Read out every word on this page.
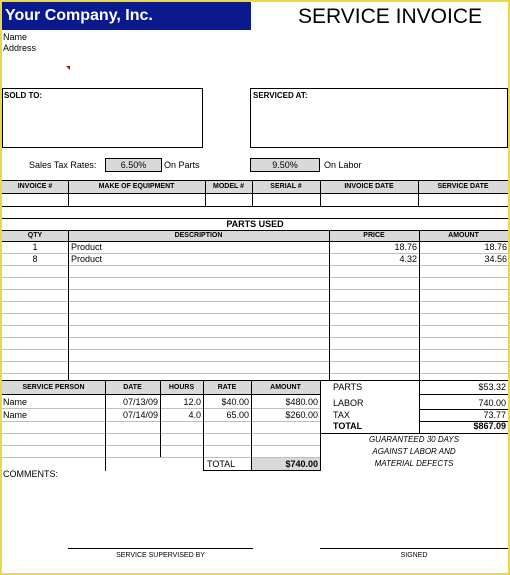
Your Company, Inc.	SERVICE INVOICE
Name
Address
SOLD TO:	SERVICED AT:
Sales Tax Rates:	6.50%	On Parts	9.50%	On Labor
INVOICE #	MAKE OF EQUIPMENT	MODEL #	SERIAL #	INVOICE DATE	SERVICE DATE
PARTS USED
QTY	DESCRIPTION	PRICE	AMOUNT
1	Product	18.76	18.76
8	Product	4.32	34.56
SERVICE PERSON	DATE	HOURS	RATE	AMOUNT
Name	07/13/09	12.0	$40.00	$480.00
Name	07/14/09	4.0	65.00	$260.00
TOTAL	$740.00
PARTS	$53.32
LABOR	740.00
TAX	73.77
TOTAL	$867.09
GUARANTEED 30 DAYS
AGAINST LABOR AND
MATERIAL DEFECTS
COMMENTS:
SERVICE SUPERVISED BY	SIGNED
